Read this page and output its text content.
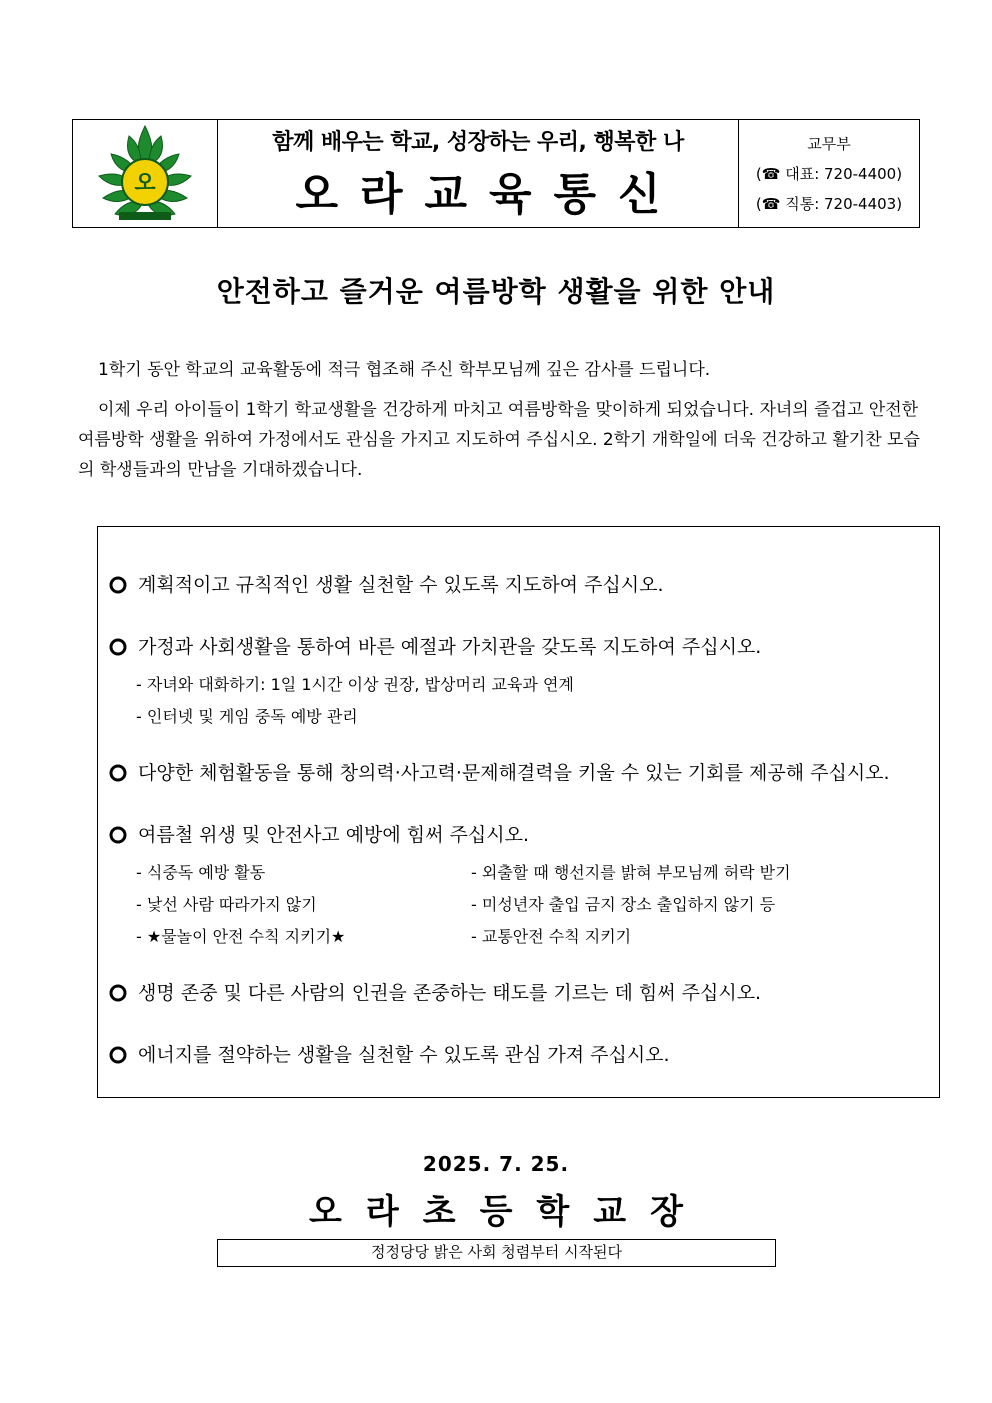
오
함께 배우는 학교, 성장하는 우리, 행복한 나
오라교육통신
교무부
(☎ 대표: 720-4400)
(☎ 직통: 720-4403)
안전하고 즐거운 여름방학 생활을 위한 안내

1학기 동안 학교의 교육활동에 적극 협조해 주신 학부모님께 깊은 감사를 드립니다.

이제 우리 아이들이 1학기 학교생활을 건강하게 마치고 여름방학을 맞이하게 되었습니다. 자녀의 즐겁고 안전한 여름방학 생활을 위하여 가정에서도 관심을 가지고 지도하여 주십시오. 2학기 개학일에 더욱 건강하고 활기찬 모습의 학생들과의 만남을 기대하겠습니다.

계획적이고 규칙적인 생활 실천할 수 있도록 지도하여 주십시오.
가정과 사회생활을 통하여 바른 예절과 가치관을 갖도록 지도하여 주십시오.
- 자녀와 대화하기: 1일 1시간 이상 권장, 밥상머리 교육과 연계
- 인터넷 및 게임 중독 예방 관리
다양한 체험활동을 통해 창의력·사고력·문제해결력을 키울 수 있는 기회를 제공해 주십시오.
여름철 위생 및 안전사고 예방에 힘써 주십시오.
- 식중독 예방 활동	- 외출할 때 행선지를 밝혀 부모님께 허락 받기
- 낯선 사람 따라가지 않기	- 미성년자 출입 금지 장소 출입하지 않기 등
- ★물놀이 안전 수칙 지키기★	- 교통안전 수칙 지키기
생명 존중 및 다른 사람의 인권을 존중하는 태도를 기르는 데 힘써 주십시오.
에너지를 절약하는 생활을 실천할 수 있도록 관심 가져 주십시오.
2025. 7. 25.
오라초등학교장
정정당당 밝은 사회 청렴부터 시작된다
